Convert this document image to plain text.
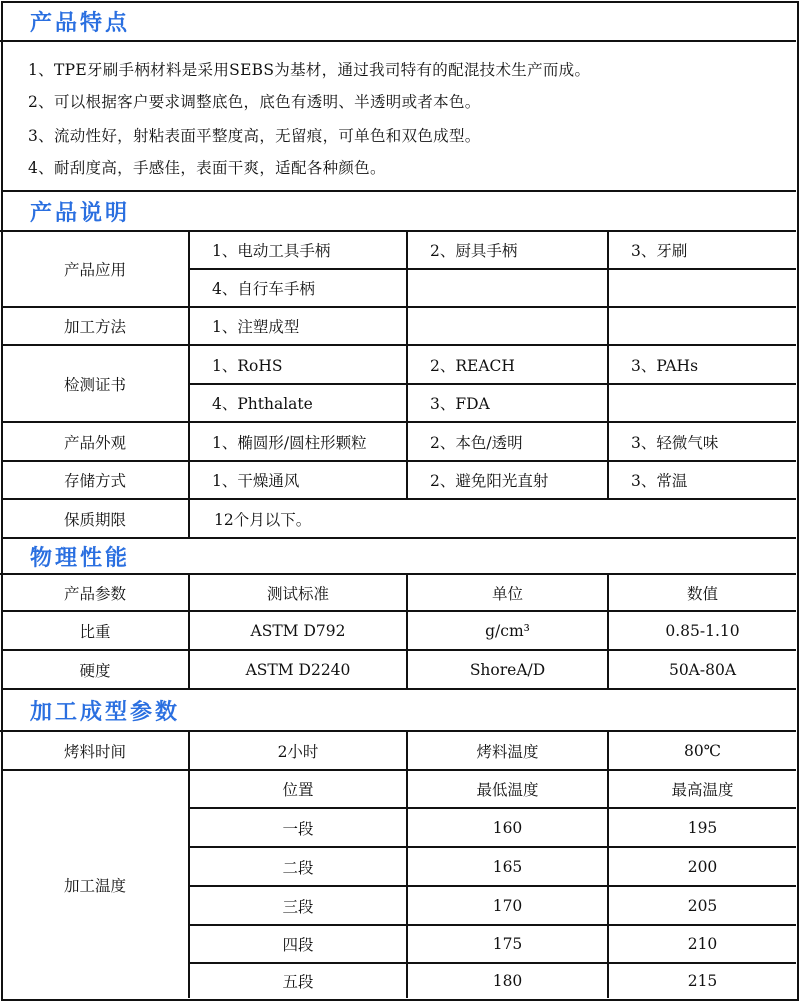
产品特点
1、TPE牙刷手柄材料是采用SEBS为基材，通过我司特有的配混技术生产而成。
2、可以根据客户要求调整底色，底色有透明、半透明或者本色。
3、流动性好，射粘表面平整度高，无留痕，可单色和双色成型。
4、耐刮度高，手感佳，表面干爽，适配各种颜色。
产品说明
产品应用
1、电动工具手柄	2、厨具手柄	3、牙刷
4、自行车手柄
加工方法	1、注塑成型
检测证书
1、RoHS	2、REACH	3、PAHs
4、Phthalate	3、FDA
产品外观	1、椭圆形/圆柱形颗粒	2、本色/透明	3、轻微气味
存储方式	1、干燥通风	2、避免阳光直射	3、常温
保质期限	12个月以下。
物理性能
产品参数	测试标准	单位	数值
比重	ASTM D792	g/cm³	0.85-1.10
硬度	ASTM D2240	ShoreA/D	50A-80A
加工成型参数
烤料时间	2小时	烤料温度	80℃
加工温度
位置	最低温度	最高温度
一段	160	195
二段	165	200
三段	170	205
四段	175	210
五段	180	215
